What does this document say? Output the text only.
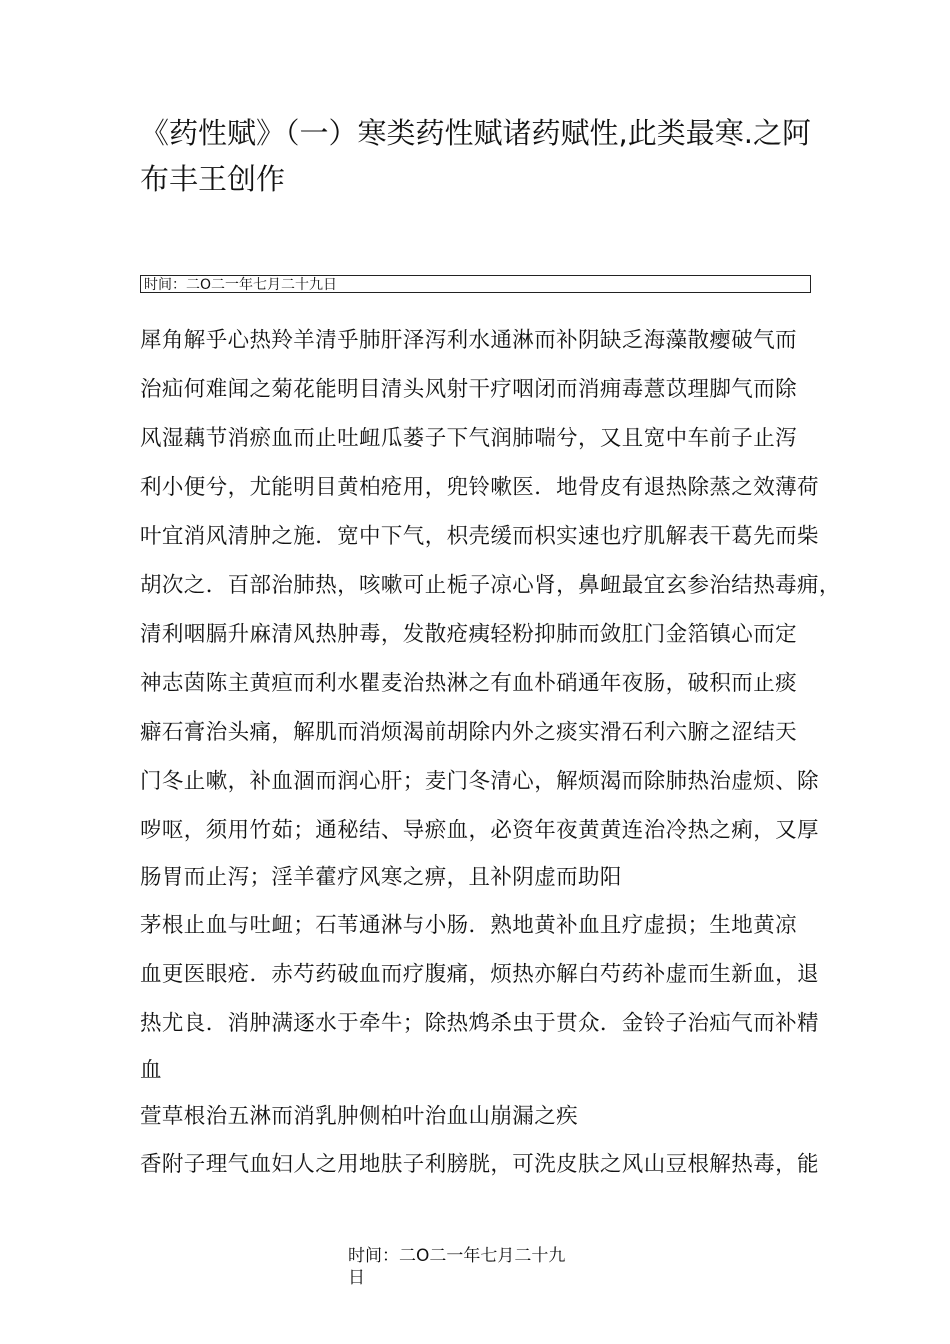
《药性赋》（一）寒类药性赋诸药赋性,此类最寒.之阿布丰王创作
时间：二O二一年七月二十九日
犀角解乎心热羚羊清乎肺肝泽泻利水通淋而补阴缺乏海藻散瘿破气而
治疝何难闻之菊花能明目清头风射干疗咽闭而消痈毒薏苡理脚气而除
风湿藕节消瘀血而止吐衄瓜蒌子下气润肺喘兮，又且宽中车前子止泻
利小便兮，尤能明目黄柏疮用，兜铃嗽医．地骨皮有退热除蒸之效薄荷
叶宜消风清肿之施．宽中下气，枳壳缓而枳实速也疗肌解表干葛先而柴
胡次之．百部治肺热，咳嗽可止栀子凉心肾，鼻衄最宜玄参治结热毒痈，
清利咽膈升麻清风热肿毒，发散疮痍轻粉抑肺而敛肛门金箔镇心而定
神志茵陈主黄疸而利水瞿麦治热淋之有血朴硝通年夜肠，破积而止痰
癖石膏治头痛，解肌而消烦渴前胡除内外之痰实滑石利六腑之涩结天
门冬止嗽，补血涸而润心肝；麦门冬清心，解烦渴而除肺热治虚烦、除
哕呕，须用竹茹；通秘结、导瘀血，必资年夜黄黄连治冷热之痢，又厚
肠胃而止泻；淫羊藿疗风寒之痹，且补阴虚而助阳
茅根止血与吐衄；石苇通淋与小肠．熟地黄补血且疗虚损；生地黄凉
血更医眼疮．赤芍药破血而疗腹痛，烦热亦解白芍药补虚而生新血，退
热尤良．消肿满逐水于牵牛；除热鸩杀虫于贯众．金铃子治疝气而补精
血
萱草根治五淋而消乳肿侧柏叶治血山崩漏之疾
香附子理气血妇人之用地肤子利膀胱，可洗皮肤之风山豆根解热毒，能
时间：二O二一年七月二十九
日
